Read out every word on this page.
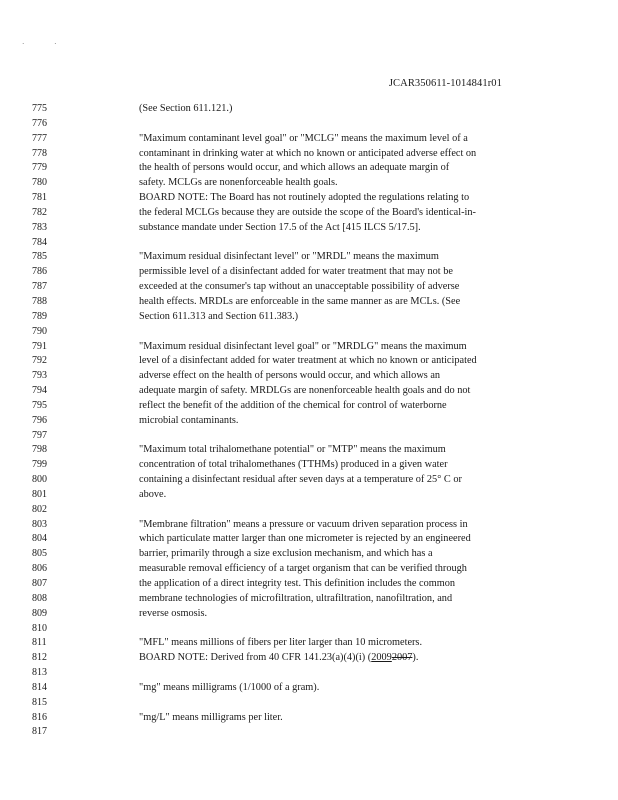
· ·
JCAR350611-1014841r01
775
776
777
778
779
780
781
782
783
784
785
786
787
788
789
790
791
792
793
794
795
796
797
798
799
800
801
802
803
804
805
806
807
808
809
810
811
812
813
814
815
816
817
(See Section 611.121.)
"Maximum contaminant level goal" or "MCLG" means the maximum level of a
contaminant in drinking water at which no known or anticipated adverse effect on
the health of persons would occur, and which allows an adequate margin of
safety. MCLGs are nonenforceable health goals.
BOARD NOTE: The Board has not routinely adopted the regulations relating to
the federal MCLGs because they are outside the scope of the Board's identical-in-
substance mandate under Section 17.5 of the Act [415 ILCS 5/17.5].
"Maximum residual disinfectant level" or "MRDL" means the maximum
permissible level of a disinfectant added for water treatment that may not be
exceeded at the consumer's tap without an unacceptable possibility of adverse
health effects. MRDLs are enforceable in the same manner as are MCLs. (See
Section 611.313 and Section 611.383.)
"Maximum residual disinfectant level goal" or "MRDLG" means the maximum
level of a disinfectant added for water treatment at which no known or anticipated
adverse effect on the health of persons would occur, and which allows an
adequate margin of safety. MRDLGs are nonenforceable health goals and do not
reflect the benefit of the addition of the chemical for control of waterborne
microbial contaminants.
"Maximum total trihalomethane potential" or "MTP" means the maximum
concentration of total trihalomethanes (TTHMs) produced in a given water
containing a disinfectant residual after seven days at a temperature of 25° C or
above.
"Membrane filtration" means a pressure or vacuum driven separation process in
which particulate matter larger than one micrometer is rejected by an engineered
barrier, primarily through a size exclusion mechanism, and which has a
measurable removal efficiency of a target organism that can be verified through
the application of a direct integrity test. This definition includes the common
membrane technologies of microfiltration, ultrafiltration, nanofiltration, and
reverse osmosis.
"MFL" means millions of fibers per liter larger than 10 micrometers.
BOARD NOTE: Derived from 40 CFR 141.23(a)(4)(i) (20092007).
"mg" means milligrams (1/1000 of a gram).
"mg/L" means milligrams per liter.
